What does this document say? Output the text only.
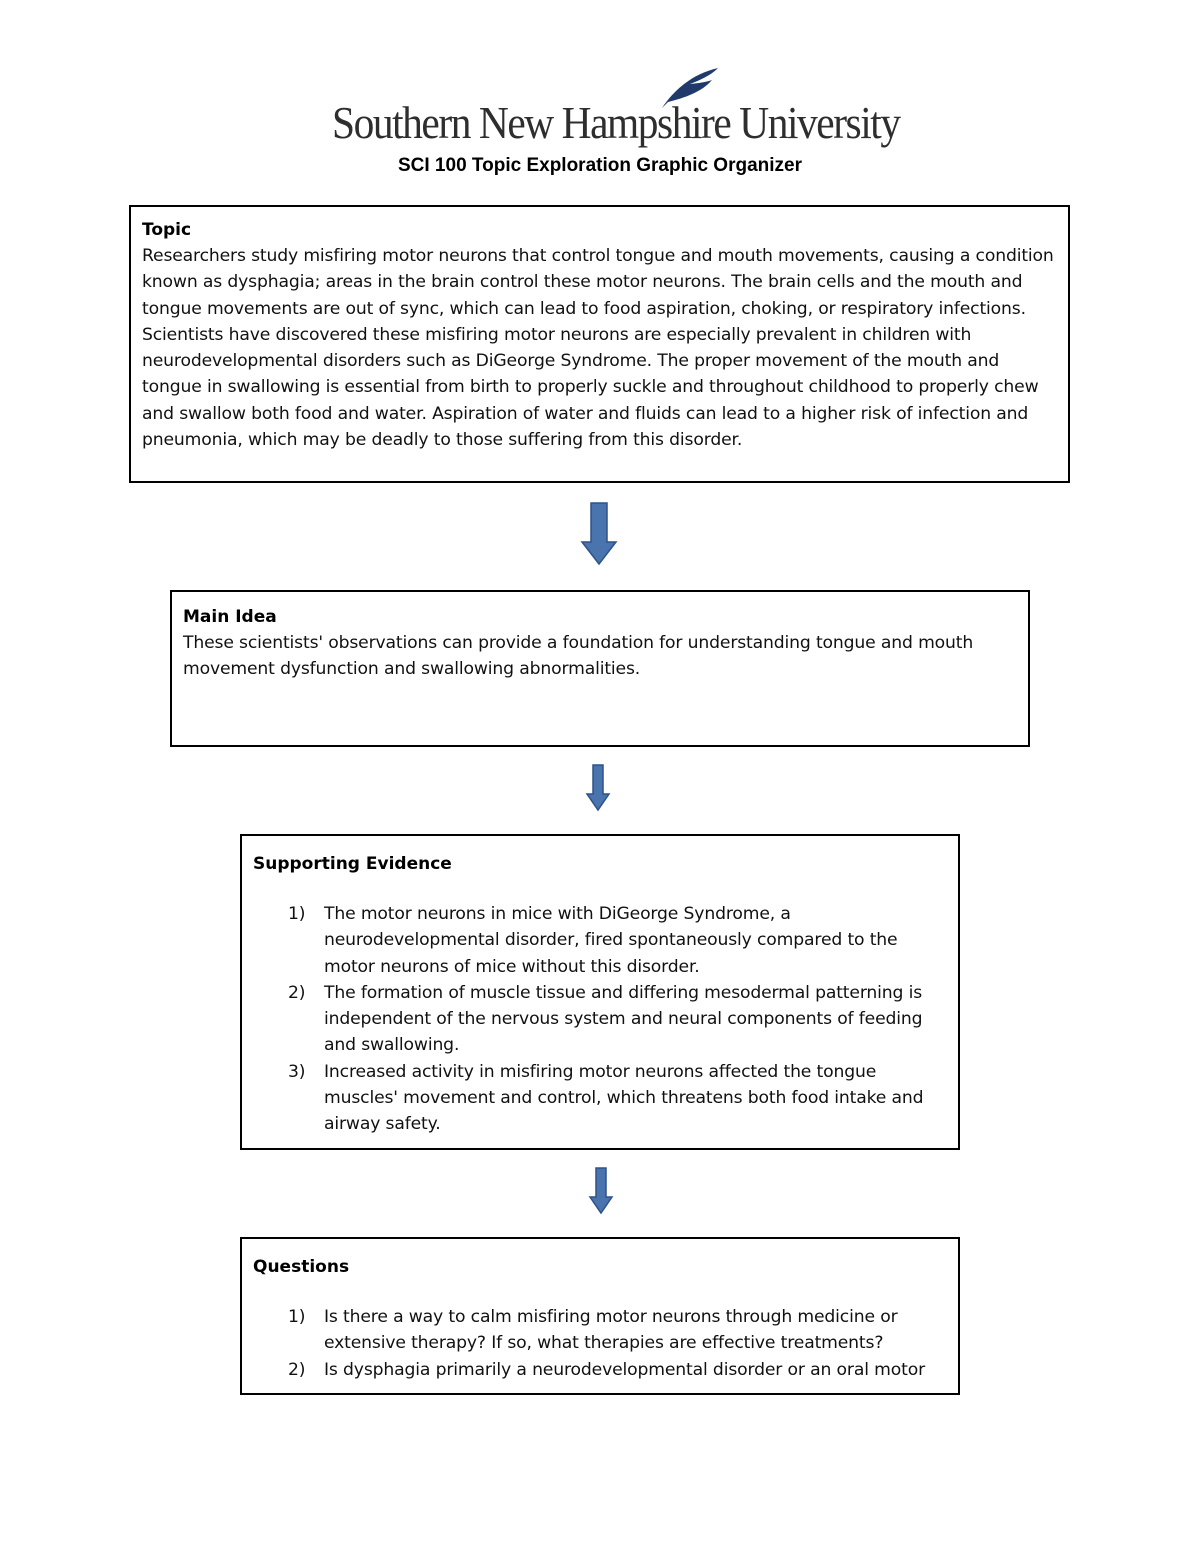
Southern New Hampshire University
SCI 100 Topic Exploration Graphic Organizer
Topic
Researchers study misfiring motor neurons that control tongue and mouth movements, causing a condition known as dysphagia; areas in the brain control these motor neurons. The brain cells and the mouth and tongue movements are out of sync, which can lead to food aspiration, choking, or respiratory infections. Scientists have discovered these misfiring motor neurons are especially prevalent in children with neurodevelopmental disorders such as DiGeorge Syndrome. The proper movement of the mouth and tongue in swallowing is essential from birth to properly suckle and throughout childhood to properly chew and swallow both food and water. Aspiration of water and fluids can lead to a higher risk of infection and pneumonia, which may be deadly to those suffering from this disorder.
Main Idea
These scientists' observations can provide a foundation for understanding tongue and mouth movement dysfunction and swallowing abnormalities.
Supporting Evidence
1) The motor neurons in mice with DiGeorge Syndrome, a neurodevelopmental disorder, fired spontaneously compared to the motor neurons of mice without this disorder.
2) The formation of muscle tissue and differing mesodermal patterning is independent of the nervous system and neural components of feeding and swallowing.
3) Increased activity in misfiring motor neurons affected the tongue muscles' movement and control, which threatens both food intake and airway safety.
Questions
1) Is there a way to calm misfiring motor neurons through medicine or extensive therapy? If so, what therapies are effective treatments?
2) Is dysphagia primarily a neurodevelopmental disorder or an oral motor
